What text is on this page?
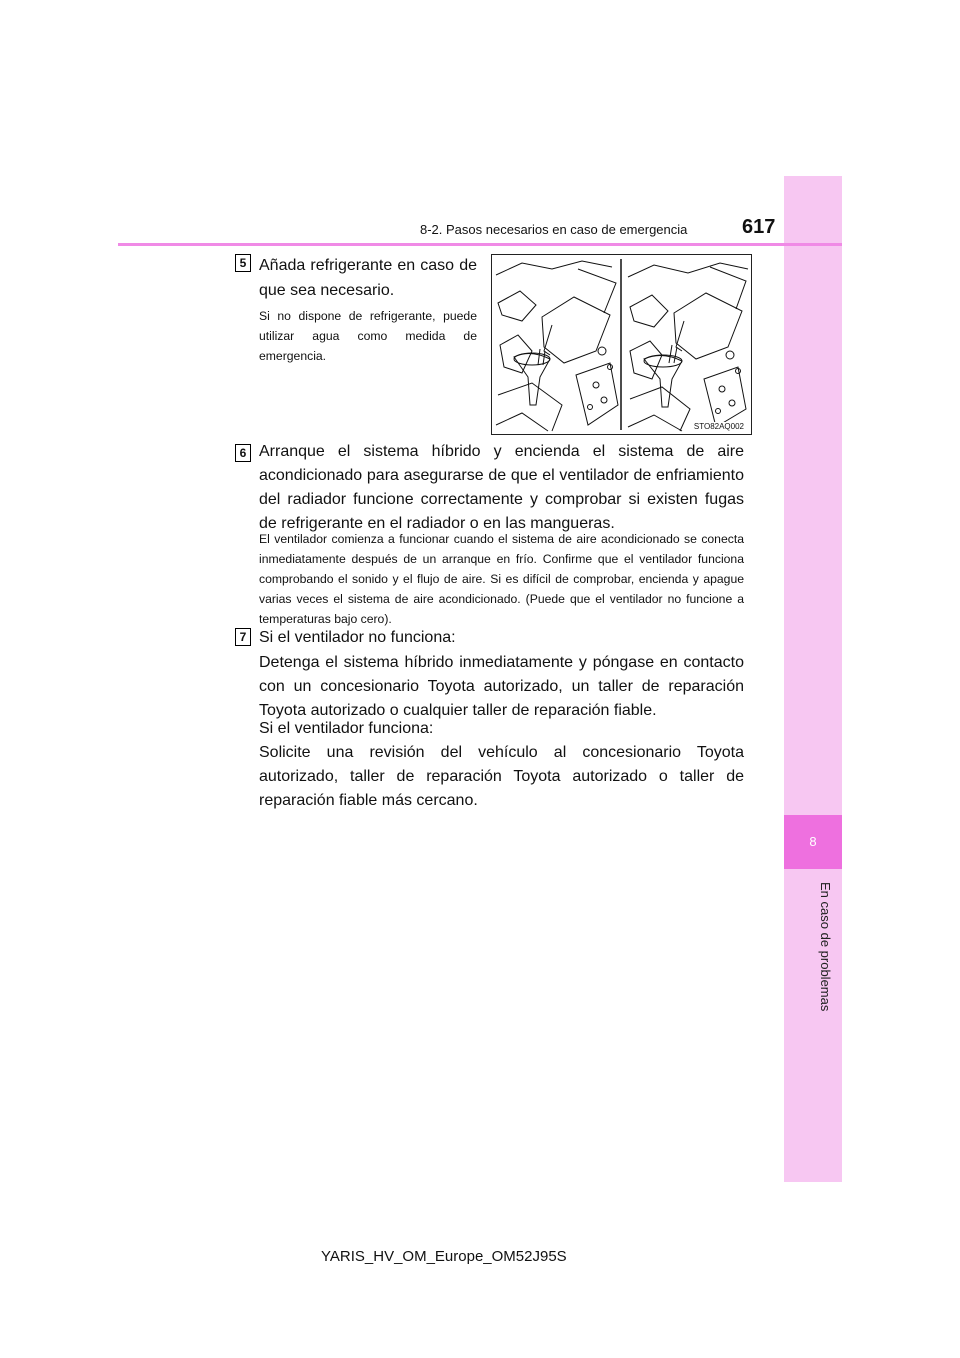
8
En caso de problemas
8-2. Pasos necesarios en caso de emergencia	617
5 Añada refrigerante en caso de que sea necesario.
Si no dispone de refrigerante, puede utilizar agua como medida de emergencia.
STO82AQ002
6 Arranque el sistema híbrido y encienda el sistema de aire acondicionado para asegurarse de que el ventilador de enfriamiento del radiador funcione correctamente y comprobar si existen fugas de refrigerante en el radiador o en las mangueras.
El ventilador comienza a funcionar cuando el sistema de aire acondicionado se conecta inmediatamente después de un arranque en frío. Confirme que el ventilador funciona comprobando el sonido y el flujo de aire. Si es difícil de comprobar, encienda y apague varias veces el sistema de aire acondicionado. (Puede que el ventilador no funcione a temperaturas bajo cero).
7 Si el ventilador no funciona:
Detenga el sistema híbrido inmediatamente y póngase en contacto con un concesionario Toyota autorizado, un taller de reparación Toyota autorizado o cualquier taller de reparación fiable.
Si el ventilador funciona:
Solicite una revisión del vehículo al concesionario Toyota autorizado, taller de reparación Toyota autorizado o taller de reparación fiable más cercano.
YARIS_HV_OM_Europe_OM52J95S
